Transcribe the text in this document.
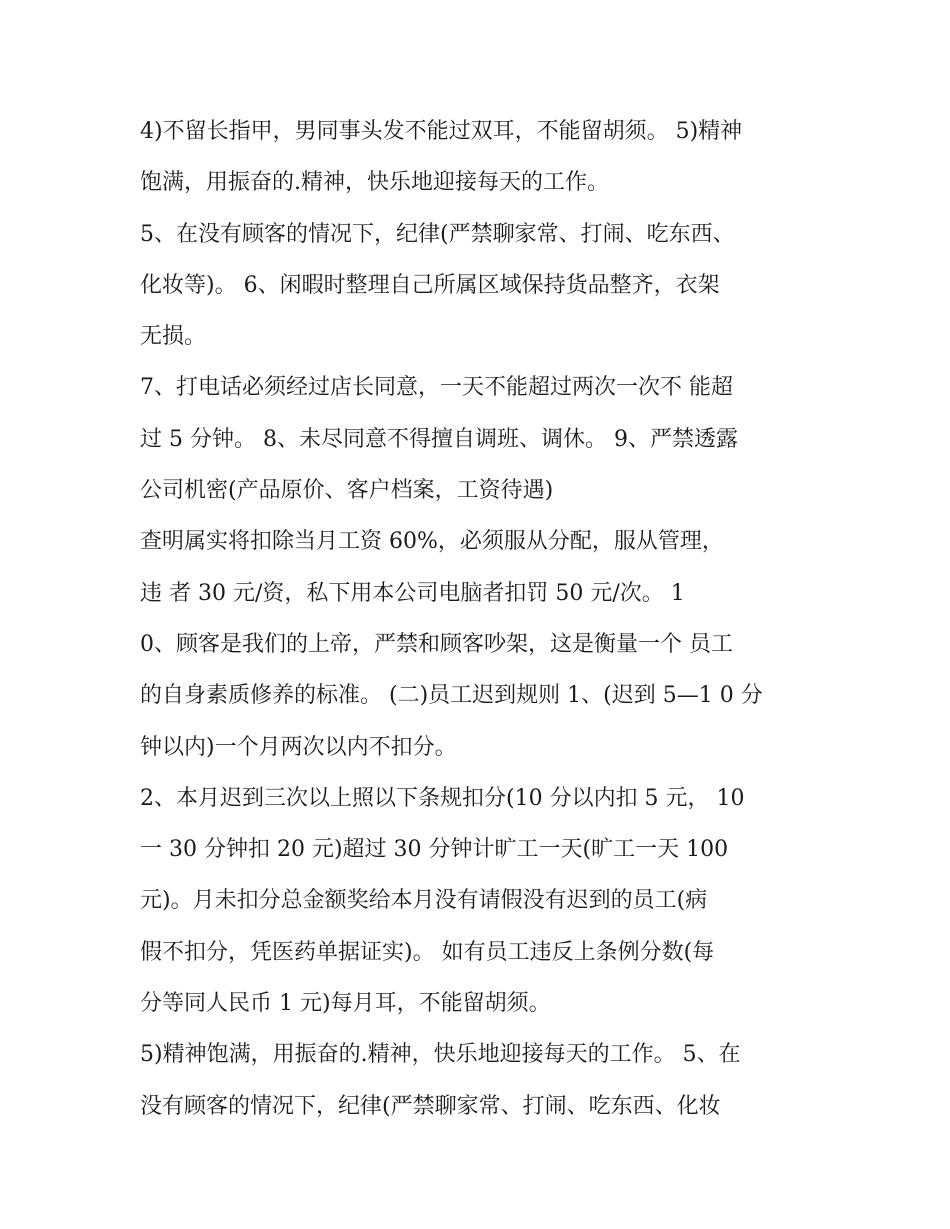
4)不留长指甲，男同事头发不能过双耳，不能留胡须。 5)精神
饱满，用振奋的.精神，快乐地迎接每天的工作。
5、在没有顾客的情况下，纪律(严禁聊家常、打闹、吃东西、
化妆等)。 6、闲暇时整理自己所属区域保持货品整齐，衣架
无损。
7、打电话必须经过店长同意，一天不能超过两次一次不 能超
过 5 分钟。 8、未尽同意不得擅自调班、调休。 9、严禁透露
公司机密(产品原价、客户档案，工资待遇)
查明属实将扣除当月工资 60%，必须服从分配，服从管理，
违 者 30 元/资，私下用本公司电脑者扣罚 50 元/次。 1
0、顾客是我们的上帝，严禁和顾客吵架，这是衡量一个 员工
的自身素质修养的标准。 (二)员工迟到规则 1、(迟到 5—1 0 分
钟以内)一个月两次以内不扣分。
2、本月迟到三次以上照以下条规扣分(10 分以内扣 5 元， 10
一 30 分钟扣 20 元)超过 30 分钟计旷工一天(旷工一天 100
元)。月未扣分总金额奖给本月没有请假没有迟到的员工(病
假不扣分，凭医药单据证实)。 如有员工违反上条例分数(每
分等同人民币 1 元)每月耳，不能留胡须。
5)精神饱满，用振奋的.精神，快乐地迎接每天的工作。 5、在
没有顾客的情况下，纪律(严禁聊家常、打闹、吃东西、化妆
